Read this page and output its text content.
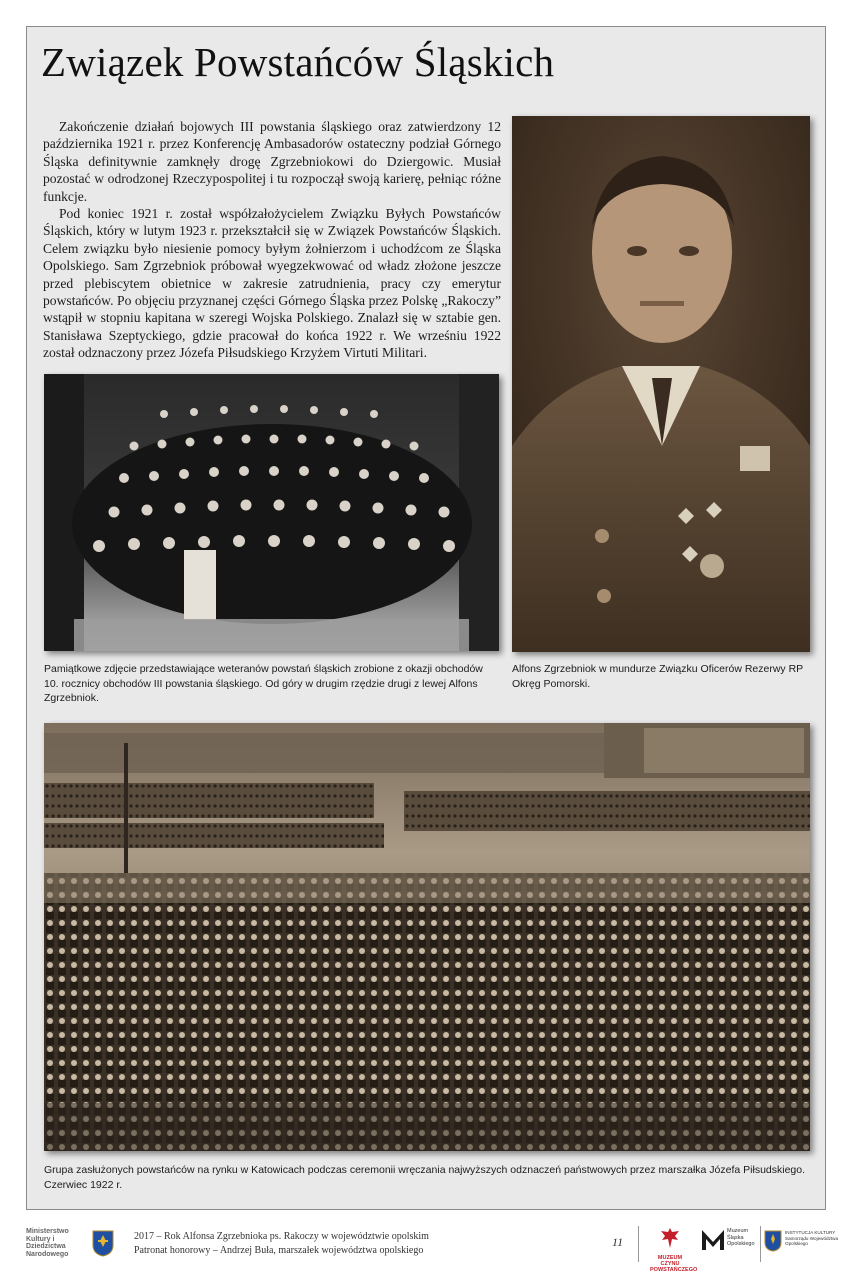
Związek Powstańców Śląskich

Zakończenie działań bojowych III powstania śląskiego oraz zatwierdzony 12 października 1921 r. przez Konferencję Ambasadorów ostateczny podział Górnego Śląska definitywnie zamknęły drogę Zgrzebniokowi do Dziergowic. Musiał pozostać w odrodzonej Rzeczypospolitej i tu rozpoczął swoją karierę, pełniąc różne funkcje.

Pod koniec 1921 r. został współzałożycielem Związku Byłych Powstańców Śląskich, który w lutym 1923 r. przekształcił się w Związek Powstańców Śląskich. Celem związku było niesienie pomocy byłym żołnierzom i uchodźcom ze Śląska Opolskiego. Sam Zgrzebniok próbował wyegzekwować od władz złożone jeszcze przed plebiscytem obietnice w zakresie zatrudnienia, pracy czy emerytur powstańców. Po objęciu przyznanej części Górnego Śląska przez Polskę „Rakoczy” wstąpił w stopniu kapitana w szeregi Wojska Polskiego. Znalazł się w sztabie gen. Stanisława Szeptyckiego, gdzie pracował do końca 1922 r. We wrześniu 1922 został odznaczony przez Józefa Piłsudskiego Krzyżem Virtuti Militari.

Pamiątkowe zdjęcie przedstawiające weteranów powstań śląskich zrobione z okazji obchodów 10. rocznicy obchodów III powstania śląskiego. Od góry w drugim rzędzie drugi z lewej Alfons Zgrzebniok.
Alfons Zgrzebniok w mundurze Związku Oficerów Rezerwy RP Okręg Pomorski.
Grupa zasłużonych powstańców na rynku w Katowicach podczas ceremonii wręczania najwyższych odznaczeń państwowych przez marszałka Józefa Piłsudskiego. Czerwiec 1922 r.
Ministerstwo Kultury i Dziedzictwa Narodowego
2017 – Rok Alfonsa Zgrzebnioka ps. Rakoczy w województwie opolskim
Patronat honorowy – Andrzej Buła, marszałek województwa opolskiego
11
MUZEUM CZYNU POWSTAŃCZEGO
Muzeum Śląska Opolskiego
INSTYTUCJA KULTURY Samorządu Województwa Opolskiego
